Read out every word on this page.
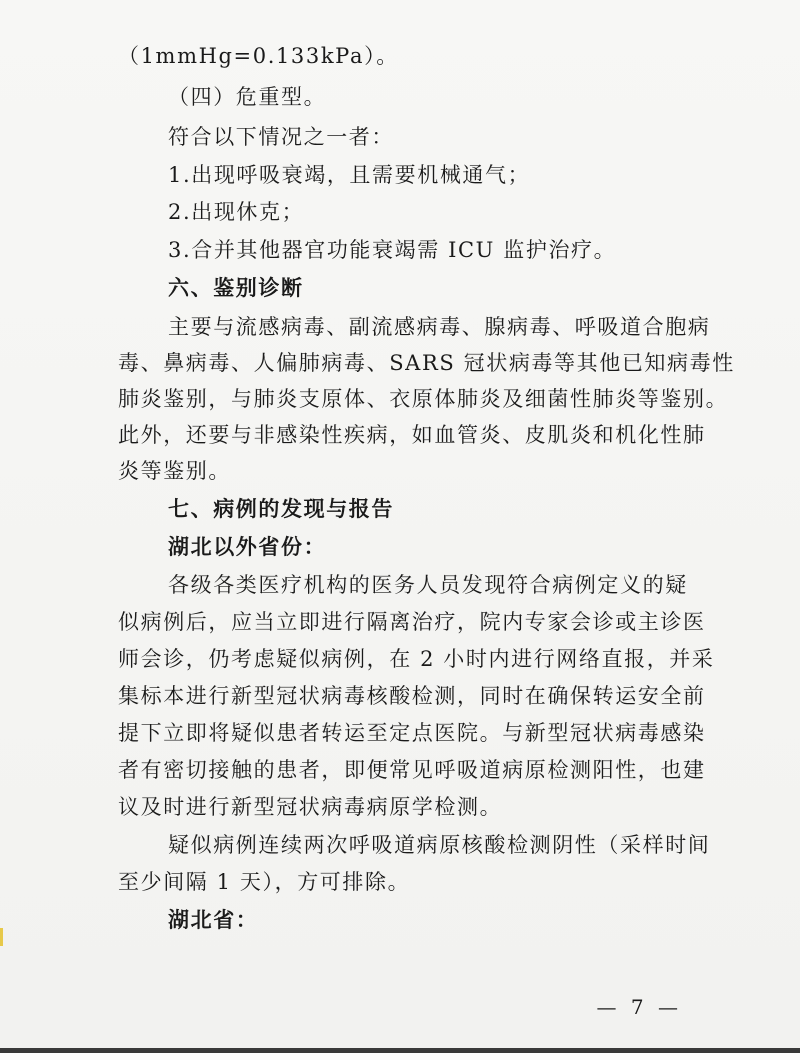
（1mmHg=0.133kPa）。
（四）危重型。
符合以下情况之一者：
1.出现呼吸衰竭，且需要机械通气；
2.出现休克；
3.合并其他器官功能衰竭需 ICU 监护治疗。
六、鉴别诊断
主要与流感病毒、副流感病毒、腺病毒、呼吸道合胞病
毒、鼻病毒、人偏肺病毒、SARS 冠状病毒等其他已知病毒性
肺炎鉴别，与肺炎支原体、衣原体肺炎及细菌性肺炎等鉴别。
此外，还要与非感染性疾病，如血管炎、皮肌炎和机化性肺
炎等鉴别。
七、病例的发现与报告
湖北以外省份：
各级各类医疗机构的医务人员发现符合病例定义的疑
似病例后，应当立即进行隔离治疗，院内专家会诊或主诊医
师会诊，仍考虑疑似病例，在 2 小时内进行网络直报，并采
集标本进行新型冠状病毒核酸检测，同时在确保转运安全前
提下立即将疑似患者转运至定点医院。与新型冠状病毒感染
者有密切接触的患者，即便常见呼吸道病原检测阳性，也建
议及时进行新型冠状病毒病原学检测。
疑似病例连续两次呼吸道病原核酸检测阴性（采样时间
至少间隔 1 天），方可排除。
湖北省：
— 7 —
